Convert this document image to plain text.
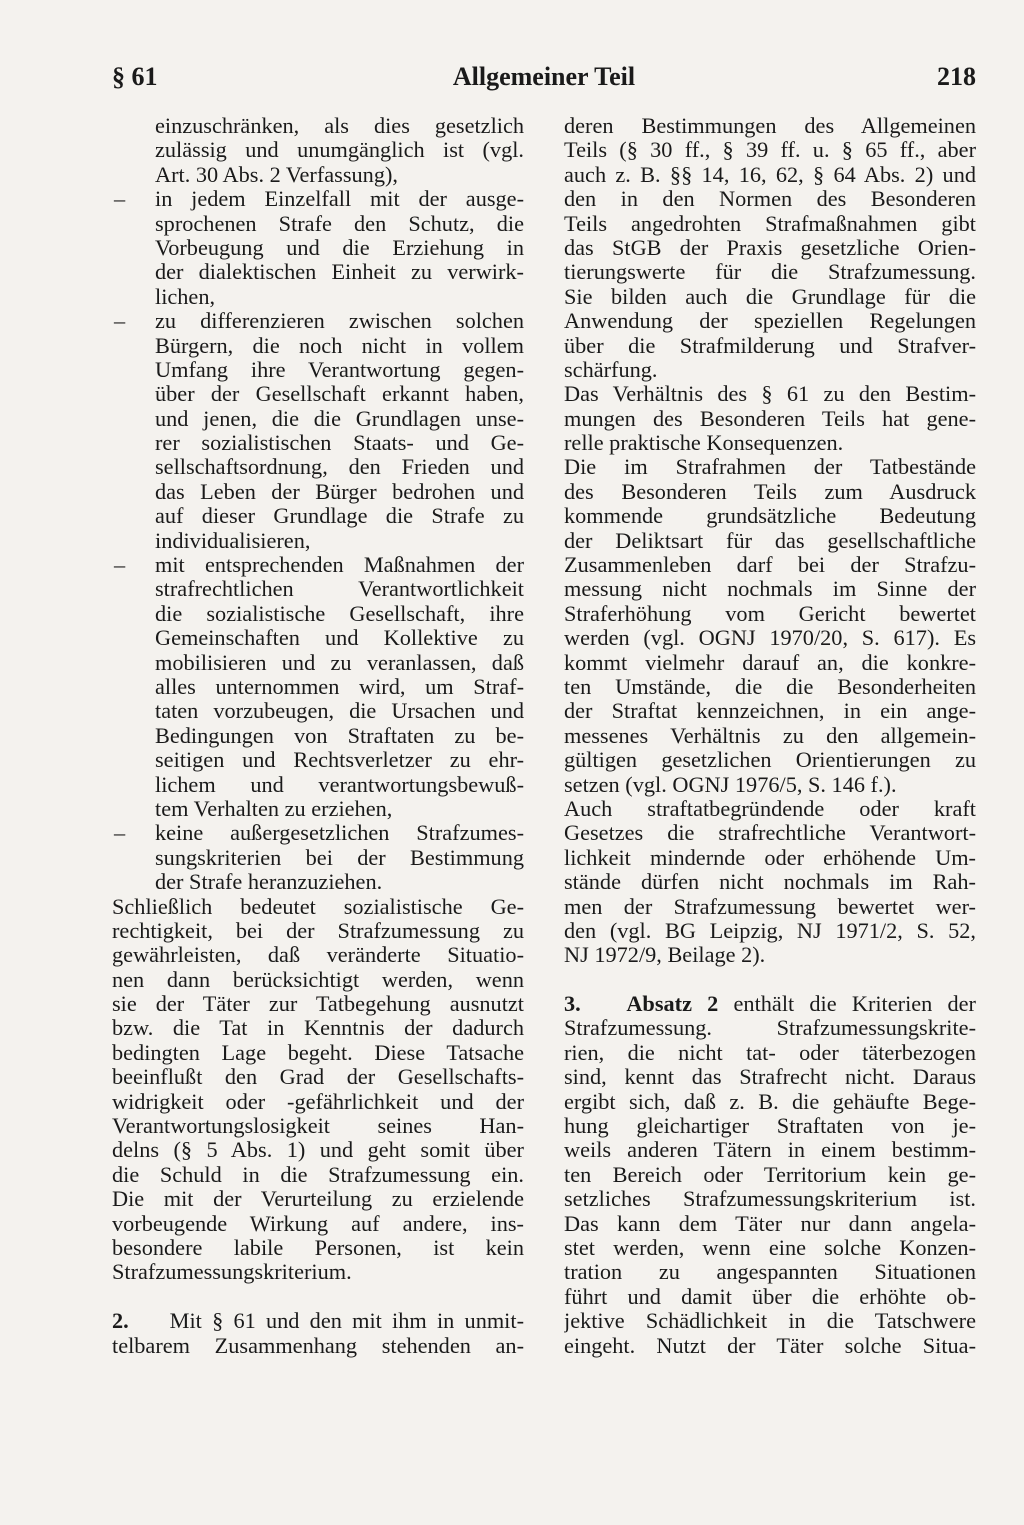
§ 61	Allgemeiner Teil	218
einzuschränken, als dies gesetzlich
zulässig und unumgänglich ist (vgl.
Art. 30 Abs. 2 Verfassung),
– in jedem Einzelfall mit der ausge-
sprochenen Strafe den Schutz, die
Vorbeugung und die Erziehung in
der dialektischen Einheit zu verwirk-
lichen,
– zu differenzieren zwischen solchen
Bürgern, die noch nicht in vollem
Umfang ihre Verantwortung gegen-
über der Gesellschaft erkannt haben,
und jenen, die die Grundlagen unse-
rer sozialistischen Staats- und Ge-
sellschaftsordnung, den Frieden und
das Leben der Bürger bedrohen und
auf dieser Grundlage die Strafe zu
individualisieren,
– mit entsprechenden Maßnahmen der
strafrechtlichen Verantwortlichkeit
die sozialistische Gesellschaft, ihre
Gemeinschaften und Kollektive zu
mobilisieren und zu veranlassen, daß
alles unternommen wird, um Straf-
taten vorzubeugen, die Ursachen und
Bedingungen von Straftaten zu be-
seitigen und Rechtsverletzer zu ehr-
lichem und verantwortungsbewuß-
tem Verhalten zu erziehen,
– keine außergesetzlichen Strafzumes-
sungskriterien bei der Bestimmung
der Strafe heranzuziehen.
Schließlich bedeutet sozialistische Ge-
rechtigkeit, bei der Strafzumessung zu
gewährleisten, daß veränderte Situatio-
nen dann berücksichtigt werden, wenn
sie der Täter zur Tatbegehung ausnutzt
bzw. die Tat in Kenntnis der dadurch
bedingten Lage begeht. Diese Tatsache
beeinflußt den Grad der Gesellschafts-
widrigkeit oder -gefährlichkeit und der
Verantwortungslosigkeit seines Han-
delns (§ 5 Abs. 1) und geht somit über
die Schuld in die Strafzumessung ein.
Die mit der Verurteilung zu erzielende
vorbeugende Wirkung auf andere, ins-
besondere labile Personen, ist kein
Strafzumessungskriterium.
2. Mit § 61 und den mit ihm in unmit-
telbarem Zusammenhang stehenden an-
deren Bestimmungen des Allgemeinen
Teils (§ 30 ff., § 39 ff. u. § 65 ff., aber
auch z. B. §§ 14, 16, 62, § 64 Abs. 2) und
den in den Normen des Besonderen
Teils angedrohten Strafmaßnahmen gibt
das StGB der Praxis gesetzliche Orien-
tierungswerte für die Strafzumessung.
Sie bilden auch die Grundlage für die
Anwendung der speziellen Regelungen
über die Strafmilderung und Strafver-
schärfung.
Das Verhältnis des § 61 zu den Bestim-
mungen des Besonderen Teils hat gene-
relle praktische Konsequenzen.
Die im Strafrahmen der Tatbestände
des Besonderen Teils zum Ausdruck
kommende grundsätzliche Bedeutung
der Deliktsart für das gesellschaftliche
Zusammenleben darf bei der Strafzu-
messung nicht nochmals im Sinne der
Straferhöhung vom Gericht bewertet
werden (vgl. OGNJ 1970/20, S. 617). Es
kommt vielmehr darauf an, die konkre-
ten Umstände, die die Besonderheiten
der Straftat kennzeichnen, in ein ange-
messenes Verhältnis zu den allgemein-
gültigen gesetzlichen Orientierungen zu
setzen (vgl. OGNJ 1976/5, S. 146 f.).
Auch straftatbegründende oder kraft
Gesetzes die strafrechtliche Verantwort-
lichkeit mindernde oder erhöhende Um-
stände dürfen nicht nochmals im Rah-
men der Strafzumessung bewertet wer-
den (vgl. BG Leipzig, NJ 1971/2, S. 52,
NJ 1972/9, Beilage 2).
3. Absatz 2 enthält die Kriterien der
Strafzumessung. Strafzumessungskrite-
rien, die nicht tat- oder täterbezogen
sind, kennt das Strafrecht nicht. Daraus
ergibt sich, daß z. B. die gehäufte Bege-
hung gleichartiger Straftaten von je-
weils anderen Tätern in einem bestimm-
ten Bereich oder Territorium kein ge-
setzliches Strafzumessungskriterium ist.
Das kann dem Täter nur dann angela-
stet werden, wenn eine solche Konzen-
tration zu angespannten Situationen
führt und damit über die erhöhte ob-
jektive Schädlichkeit in die Tatschwere
eingeht. Nutzt der Täter solche Situa-
